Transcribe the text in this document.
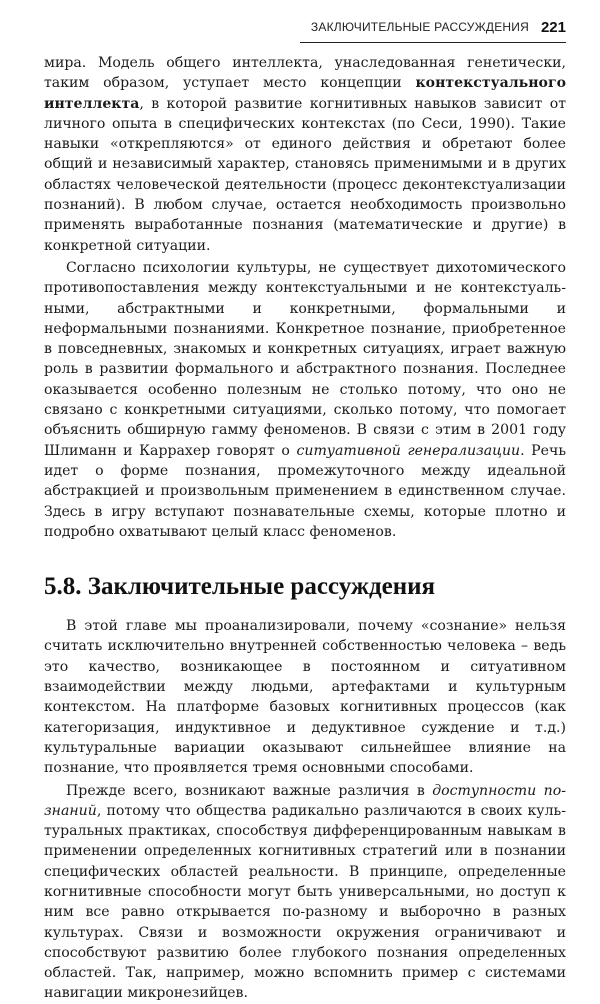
ЗАКЛЮЧИТЕЛЬНЫЕ РАССУЖДЕНИЯ 221

мира. Модель общего интеллекта, унаследованная генетически, таким образом, уступает место концепции контекстуального интеллекта, в которой развитие когнитивных навыков зависит от личного опыта в специфических контекстах (по Сеси, 1990). Такие навыки «открепляются» от единого действия и обретают более общий и независимый характер, становясь применимыми и в других областях человеческой деятельности (процесс деконтекстуализации познаний). В любом случае, остается необходимость произвольно применять выработанные познания (математические и другие) в конкретной ситуации.

Согласно психологии культуры, не существует дихотомического противопоставления между контекстуальными и не контекстуальными, абстрактными и конкретными, формальными и неформальными познаниями. Конкретное познание, приобретенное в повседневных, знакомых и конкретных ситуациях, играет важную роль в развитии формального и абстрактного познания. Последнее оказывается особенно полезным не столько потому, что оно не связано с конкретными ситуациями, сколько потому, что помогает объяснить обширную гамму феноменов. В связи с этим в 2001 году Шлиманн и Каррахер говорят о ситуативной генерализации. Речь идет о форме познания, промежуточного между идеальной абстракцией и произвольным применением в единственном случае. Здесь в игру вступают познавательные схемы, которые плотно и подробно охватывают целый класс феноменов.

5.8. Заключительные рассуждения

В этой главе мы проанализировали, почему «сознание» нельзя считать исключительно внутренней собственностью человека – ведь это качество, возникающее в постоянном и ситуативном взаимодействии между людьми, артефактами и культурным контекстом. На платформе базовых когнитивных процессов (как категоризация, индуктивное и дедуктивное суждение и т.д.) культуральные вариации оказывают сильнейшее влияние на познание, что проявляется тремя основными способами.

Прежде всего, возникают важные различия в доступности познаний, потому что общества радикально различаются в своих культуральных практиках, способствуя дифференцированным навыкам в применении определенных когнитивных стратегий или в познании специфических областей реальности. В принципе, определенные когнитивные способности могут быть универсальными, но доступ к ним все равно открывается по-разному и выборочно в разных культурах. Связи и возможности окружения ограничивают и способствуют развитию более глубокого познания определенных областей. Так, например, можно вспомнить пример с системами навигации микронезийцев.
